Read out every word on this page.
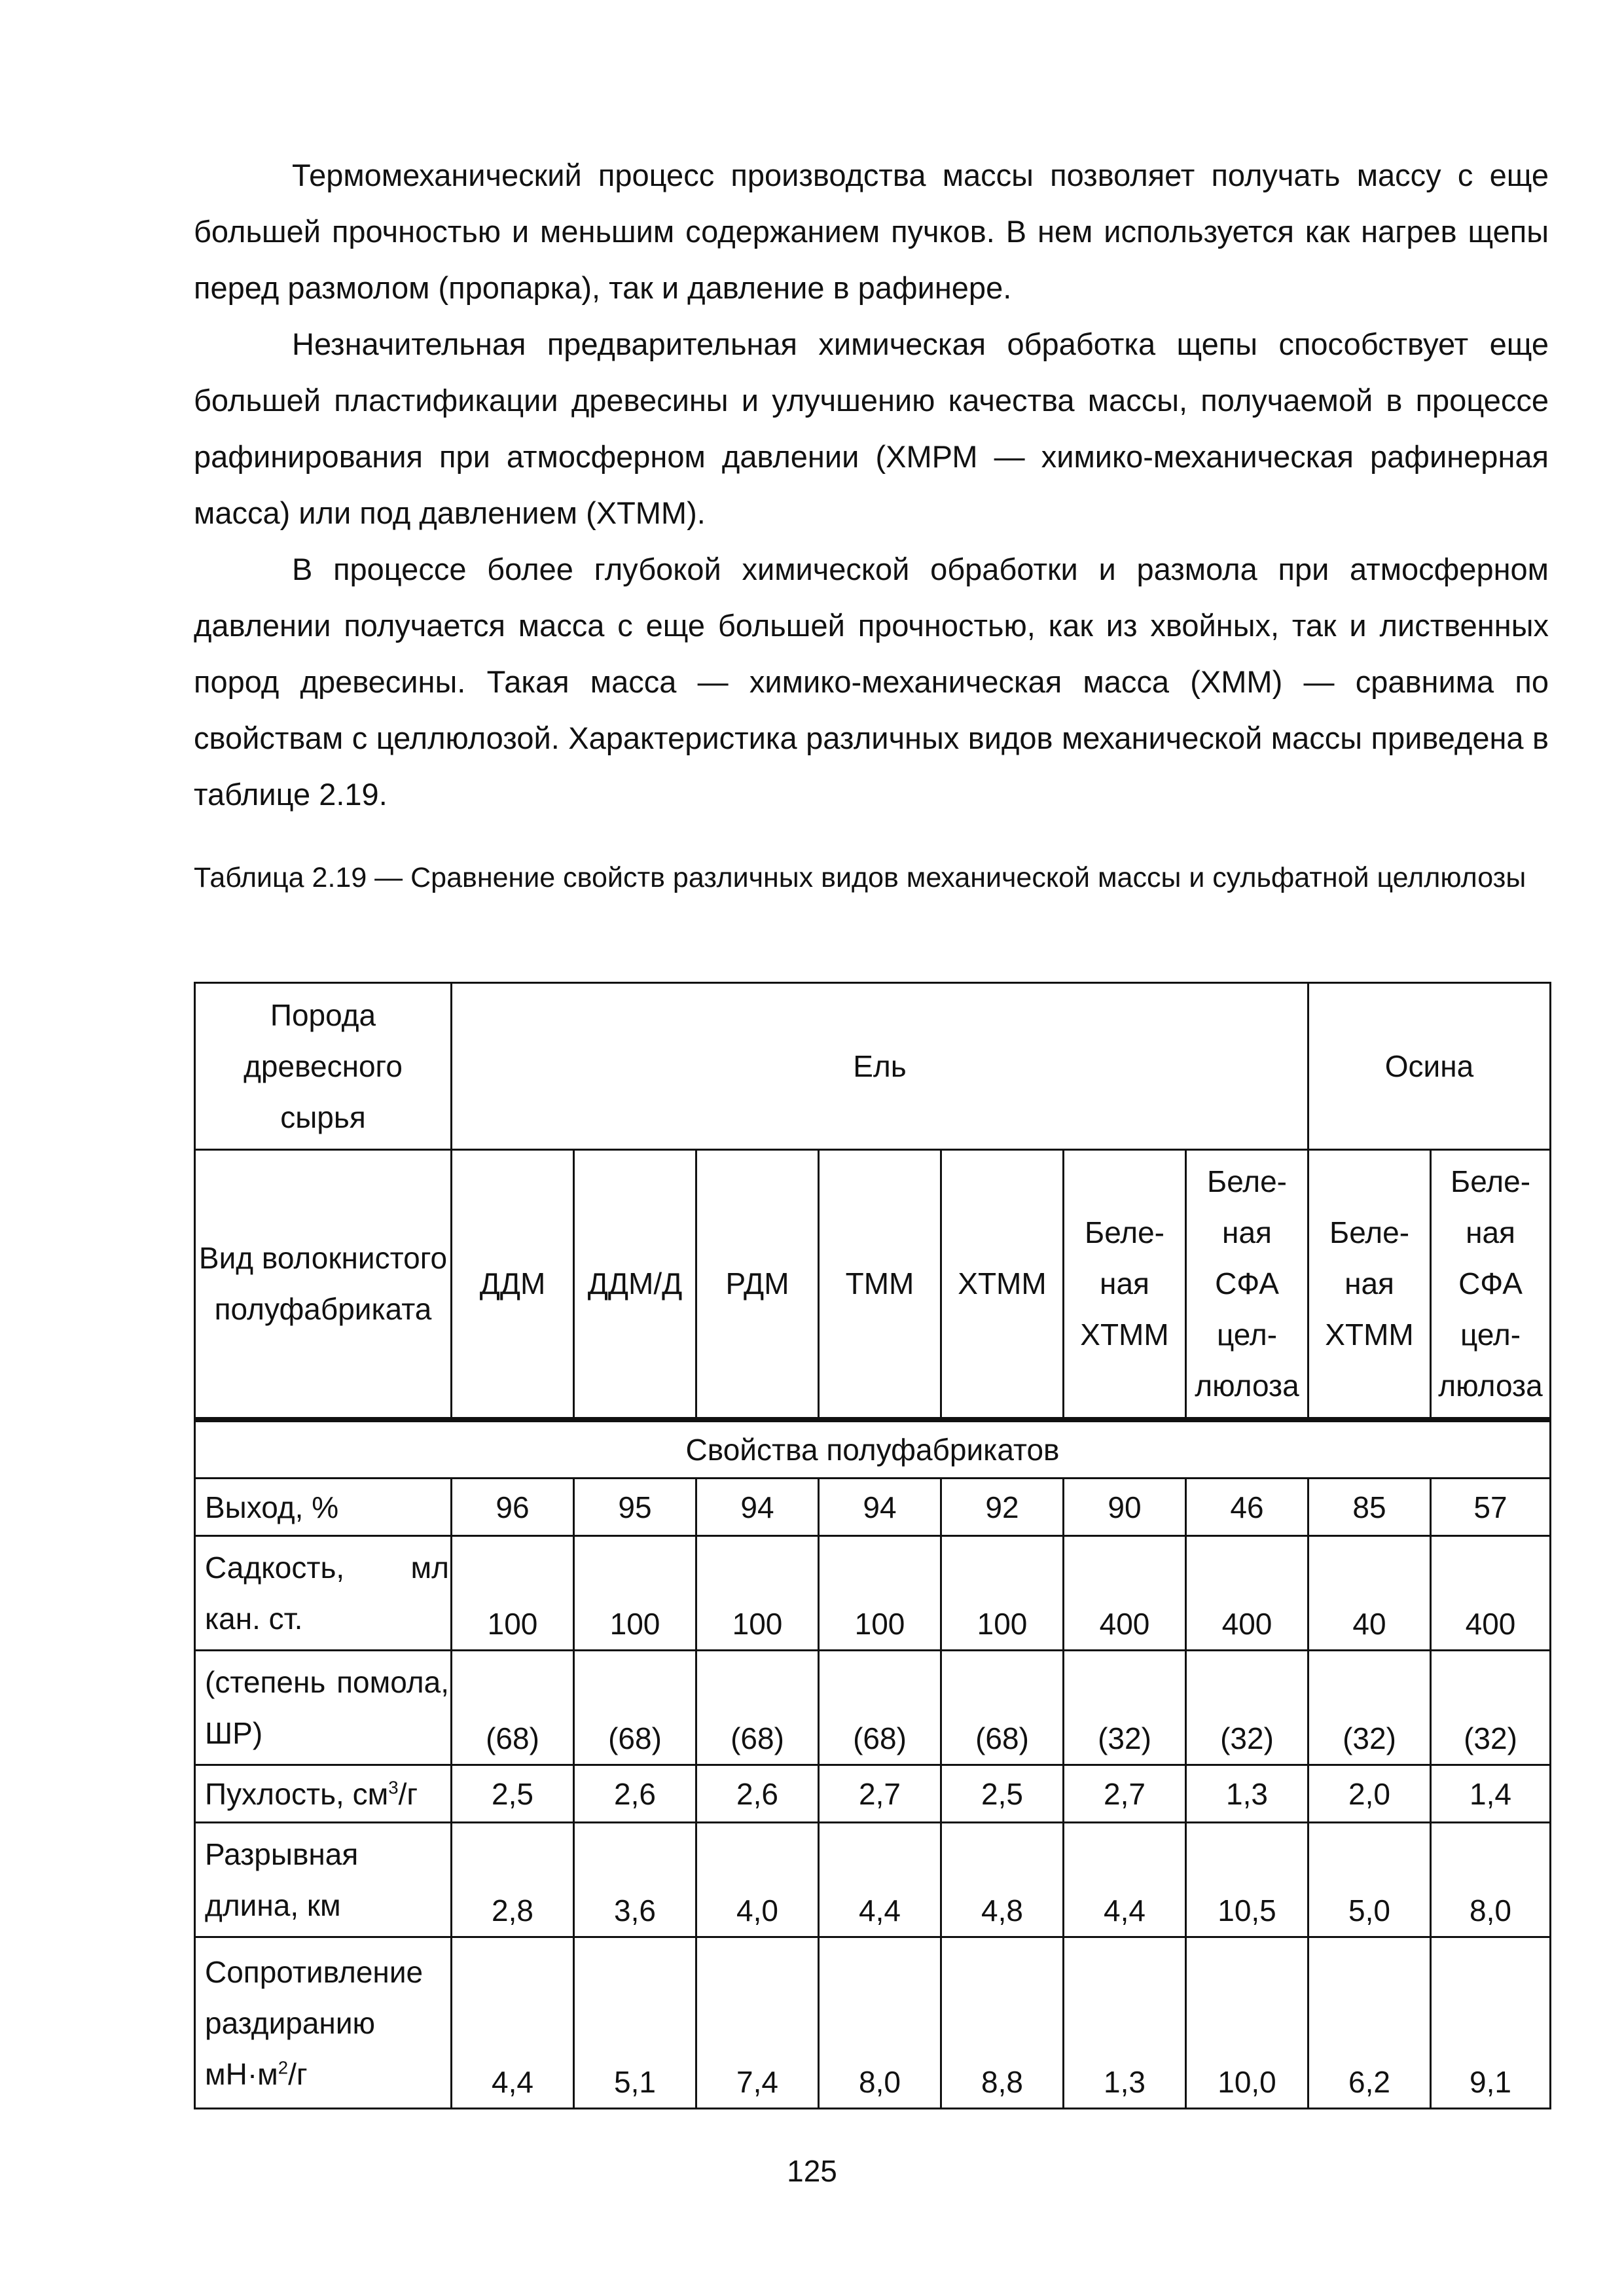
Термомеханический процесс производства массы позволяет получать массу с еще большей прочностью и меньшим содержанием пучков. В нем используется как нагрев щепы перед размолом (пропарка), так и давление в рафинере.

Незначительная предварительная химическая обработка щепы способствует еще большей пластификации древесины и улучшению качества массы, получаемой в процессе рафинирования при атмосферном давлении (ХМРМ — химико-механическая рафинерная масса) или под давлением (ХТММ).

В процессе более глубокой химической обработки и размола при атмосферном давлении получается масса с еще большей прочностью, как из хвойных, так и лиственных пород древесины. Такая масса — химико-механическая масса (ХММ) — сравнима по свойствам с целлюлозой. Характеристика различных видов механической массы приведена в таблице 2.19.

Таблица 2.19 — Сравнение свойств различных видов механической массы и сульфатной целлюлозы

Порода древесного сырья	Ель							Осина	
Вид волокнистого полуфабриката	ДДМ	ДДМ/Д	РДМ	ТММ	ХТММ	Беленая ХТММ	Беленая СФА целлюлоза	Беленая ХТММ	Беленая СФА целлюлоза
Свойства полуфабрикатов									
Выход, %	96	95	94	94	92	90	46	85	57
Садкость, мл кан. ст.	100	100	100	100	100	400	400	40	400
(степень помола, ШР)	(68)	(68)	(68)	(68)	(68)	(32)	(32)	(32)	(32)
Пухлость, $см^3/г$	2,5	2,6	2,6	2,7	2,5	2,7	1,3	2,0	1,4
Разрывная длина, км	2,8	3,6	4,0	4,4	4,8	4,4	10,5	5,0	8,0
Сопротивление раздиранию $мН\cdot м^2/г$	4,4	5,1	7,4	8,0	8,8	1,3	10,0	6,2	9,1
125
